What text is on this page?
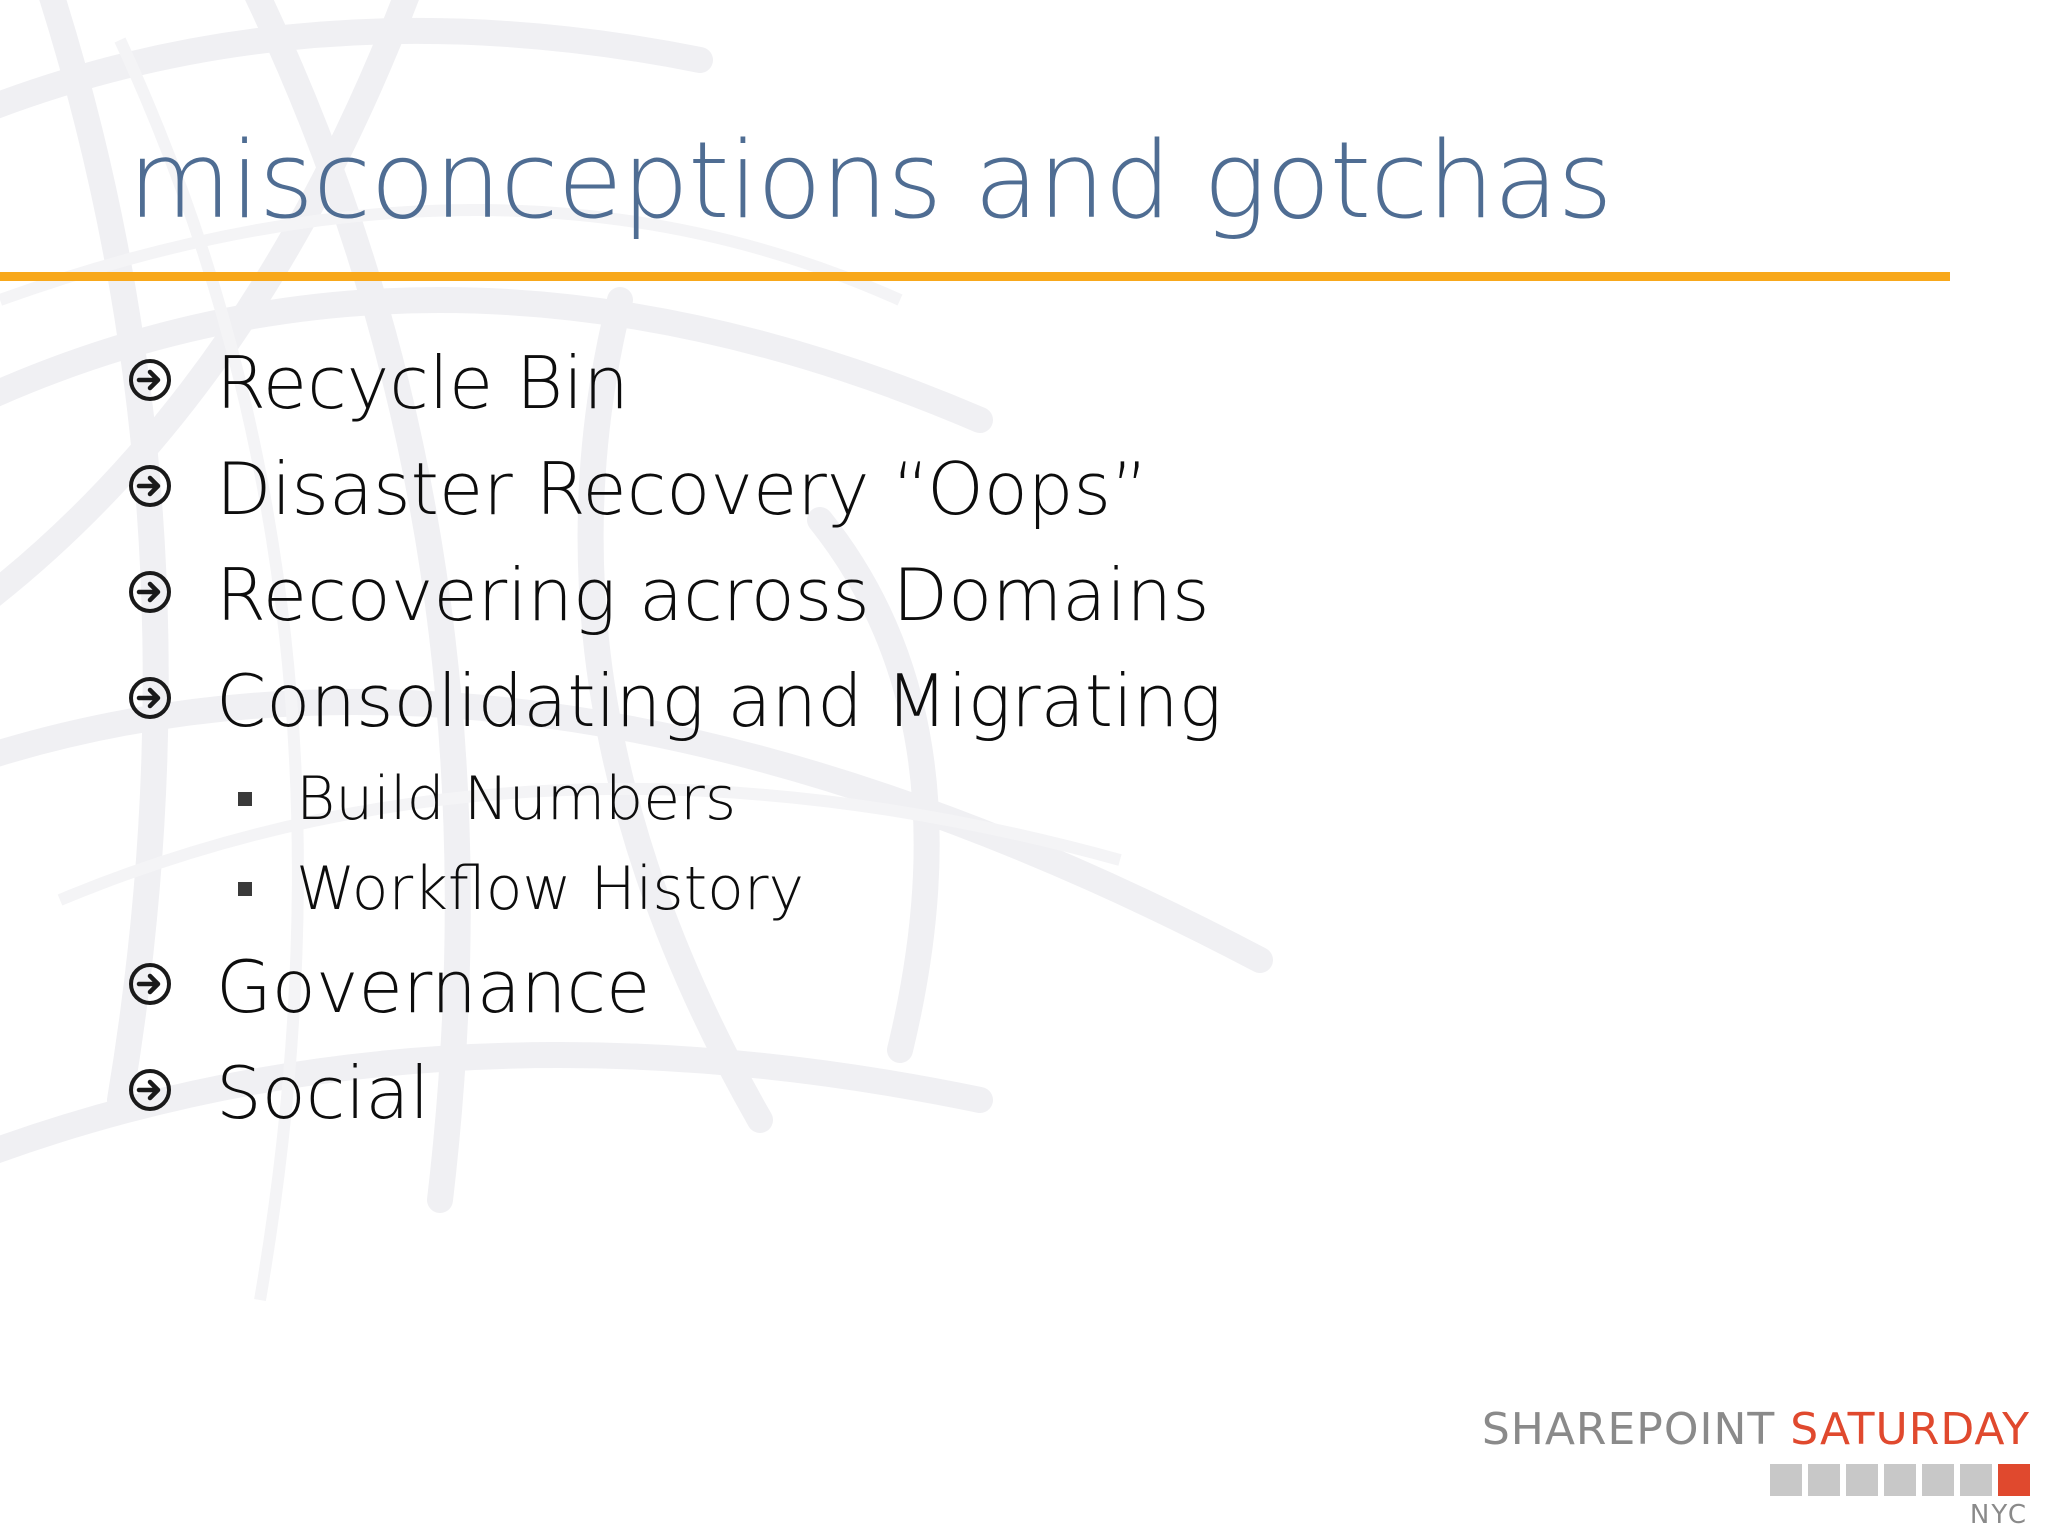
misconceptions and gotchas
Recycle Bin
Disaster Recovery “Oops”
Recovering across Domains
Consolidating and Migrating
Build Numbers
Workflow History
Governance
Social
SHAREPOINT SATURDAY
NYC
